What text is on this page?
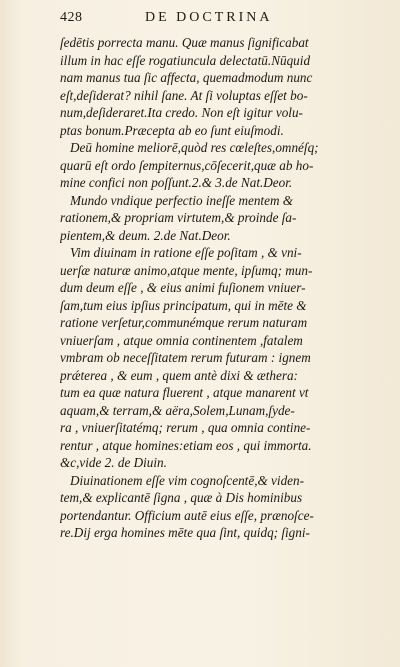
428	DE DOCTRINA
ſedētis porrecta manu. Quæ manus ſignificabat
illum in hac eſſe rogatiuncula delectatū.Nūquid
nam manus tua ſic affecta, quemadmodum nunc
eſt,deſiderat? nihil ſane. At ſi voluptas eſſet bo-
num,deſideraret.Ita credo. Non eſt igitur volu-
ptas bonum.Præcepta ab eo ſunt eiuſmodi.
Deū homine meliorē,quòd res cœleſtes,omnéſq;
quarū eſt ordo ſempiternus,cōſecerit,quæ ab ho-
mine confici non poſſunt.2.& 3.de Nat.Deor.
Mundo vndique perfectio ineſſe mentem &
rationem,& propriam virtutem,& proinde ſa-
pientem,& deum. 2.de Nat.Deor.
Vim diuinam in ratione eſſe poſitam , & vni-
uerſæ naturæ animo,atque mente, ipſumq; mun-
dum deum eſſe , & eius animi fuſionem vniuer-
ſam,tum eius ipſius principatum, qui in mēte &
ratione verſetur,communémque rerum naturam
vniuerſam , atque omnia continentem ,fatalem
vmbram ob neceſſitatem rerum futuram : ignem
prǽterea , & eum , quem antè dixi & æthera:
tum ea quæ natura fluerent , atque manarent vt
aquam,& terram,& aëra,Solem,Lunam,ſyde-
ra , vniuerſitatémq; rerum , qua omnia contine-
rentur , atque homines:etiam eos , qui immorta.
&c,vide 2. de Diuin.
Diuinationem eſſe vim cognoſcentē,& viden-
tem,& explicantē ſigna , quæ à Dis hominibus
portendantur. Officium autē eius eſſe, prænoſce-
re.Dij erga homines mēte qua ſint, quidq; ſigni-
